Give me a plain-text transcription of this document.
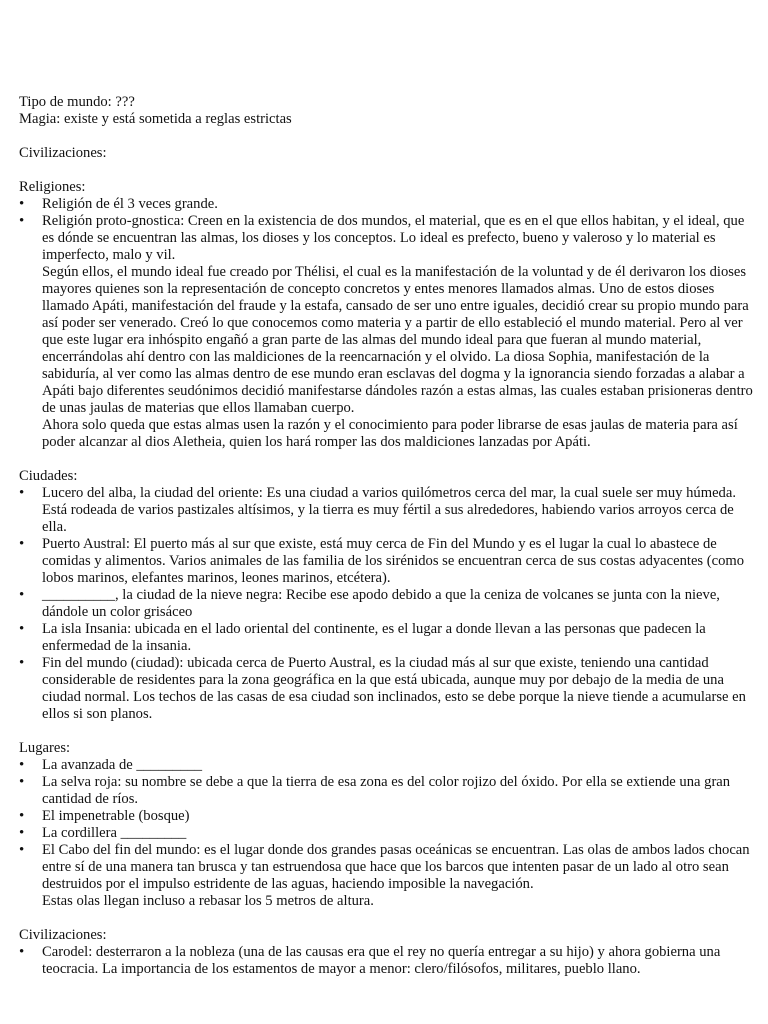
Tipo de mundo: ???

Magia: existe y está sometida a reglas estrictas

Civilizaciones:

Religiones:

• Religión de él 3 veces grande.
• Religión proto-gnostica: Creen en la existencia de dos mundos, el material, que es en el que ellos habitan, y el ideal, que es dónde se encuentran las almas, los dioses y los conceptos. Lo ideal es prefecto, bueno y valeroso y lo material es imperfecto, malo y vil.
Según ellos, el mundo ideal fue creado por Thélisi, el cual es la manifestación de la voluntad y de él derivaron los dioses mayores quienes son la representación de concepto concretos y entes menores llamados almas. Uno de estos dioses llamado Apáti, manifestación del fraude y la estafa, cansado de ser uno entre iguales, decidió crear su propio mundo para así poder ser venerado. Creó lo que conocemos como materia y a partir de ello estableció el mundo material. Pero al ver que este lugar era inhóspito engañó a gran parte de las almas del mundo ideal para que fueran al mundo material, encerrándolas ahí dentro con las maldiciones de la reencarnación y el olvido. La diosa Sophia, manifestación de la sabiduría, al ver como las almas dentro de ese mundo eran esclavas del dogma y la ignorancia siendo forzadas a alabar a Apáti bajo diferentes seudónimos decidió manifestarse dándoles razón a estas almas, las cuales estaban prisioneras dentro de unas jaulas de materias que ellos llamaban cuerpo.
Ahora solo queda que estas almas usen la razón y el conocimiento para poder librarse de esas jaulas de materia para así poder alcanzar al dios Aletheia, quien los hará romper las dos maldiciones lanzadas por Apáti.

Ciudades:

• Lucero del alba, la ciudad del oriente: Es una ciudad a varios quilómetros cerca del mar, la cual suele ser muy húmeda. Está rodeada de varios pastizales altísimos, y la tierra es muy fértil a sus alrededores, habiendo varios arroyos cerca de ella.
• Puerto Austral: El puerto más al sur que existe, está muy cerca de Fin del Mundo y es el lugar la cual lo abastece de comidas y alimentos. Varios animales de las familia de los sirénidos se encuentran cerca de sus costas adyacentes (como lobos marinos, elefantes marinos, leones marinos, etcétera).
• __________, la ciudad de la nieve negra: Recibe ese apodo debido a que la ceniza de volcanes se junta con la nieve, dándole un color grisáceo
• La isla Insania: ubicada en el lado oriental del continente, es el lugar a donde llevan a las personas que padecen la enfermedad de la insania.
• Fin del mundo (ciudad): ubicada cerca de Puerto Austral, es la ciudad más al sur que existe, teniendo una cantidad considerable de residentes para la zona geográfica en la que está ubicada, aunque muy por debajo de la media de una ciudad normal. Los techos de las casas de esa ciudad son inclinados, esto se debe porque la nieve tiende a acumularse en ellos si son planos.

Lugares:

• La avanzada de _________
• La selva roja: su nombre se debe a que la tierra de esa zona es del color rojizo del óxido. Por ella se extiende una gran cantidad de ríos.
• El impenetrable (bosque)
• La cordillera _________
• El Cabo del fin del mundo: es el lugar donde dos grandes pasas oceánicas se encuentran. Las olas de ambos lados chocan entre sí de una manera tan brusca y tan estruendosa que hace que los barcos que intenten pasar de un lado al otro sean destruidos por el impulso estridente de las aguas, haciendo imposible la navegación.
Estas olas llegan incluso a rebasar los 5 metros de altura.

Civilizaciones:

• Carodel: desterraron a la nobleza (una de las causas era que el rey no quería entregar a su hijo) y ahora gobierna una teocracia. La importancia de los estamentos de mayor a menor: clero/filósofos, militares, pueblo llano.
